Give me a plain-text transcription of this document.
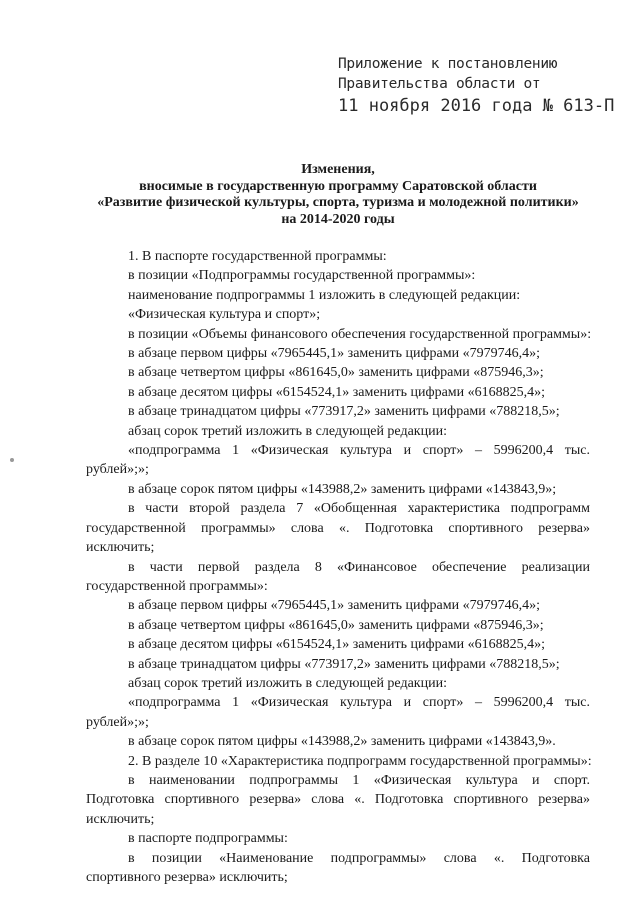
Приложение к постановлению
Правительства области от
11 ноября 2016 года № 613-П
Изменения,
вносимые в государственную программу Саратовской области
«Развитие физической культуры, спорта, туризма и молодежной политики»
на 2014-2020 годы
1. В паспорте государственной программы:
в позиции «Подпрограммы государственной программы»:
наименование подпрограммы 1 изложить в следующей редакции:
«Физическая культура и спорт»;
в позиции «Объемы финансового обеспечения государственной программы»:
в абзаце первом цифры «7965445,1» заменить цифрами «7979746,4»;
в абзаце четвертом цифры «861645,0» заменить цифрами «875946,3»;
в абзаце десятом цифры «6154524,1» заменить цифрами «6168825,4»;
в абзаце тринадцатом цифры «773917,2» заменить цифрами «788218,5»;
абзац сорок третий изложить в следующей редакции:
«подпрограмма 1 «Физическая культура и спорт» – 5996200,4 тыс.
рублей»;»;
в абзаце сорок пятом цифры «143988,2» заменить цифрами «143843,9»;
в части второй раздела 7 «Обобщенная характеристика подпрограмм
государственной программы» слова «. Подготовка спортивного резерва»
исключить;
в части первой раздела 8 «Финансовое обеспечение реализации
государственной программы»:
в абзаце первом цифры «7965445,1» заменить цифрами «7979746,4»;
в абзаце четвертом цифры «861645,0» заменить цифрами «875946,3»;
в абзаце десятом цифры «6154524,1» заменить цифрами «6168825,4»;
в абзаце тринадцатом цифры «773917,2» заменить цифрами «788218,5»;
абзац сорок третий изложить в следующей редакции:
«подпрограмма 1 «Физическая культура и спорт» – 5996200,4 тыс.
рублей»;»;
в абзаце сорок пятом цифры «143988,2» заменить цифрами «143843,9».
2. В разделе 10 «Характеристика подпрограмм государственной программы»:
в наименовании подпрограммы 1 «Физическая культура и спорт.
Подготовка спортивного резерва» слова «. Подготовка спортивного резерва»
исключить;
в паспорте подпрограммы:
в позиции «Наименование подпрограммы» слова «. Подготовка
спортивного резерва» исключить;
